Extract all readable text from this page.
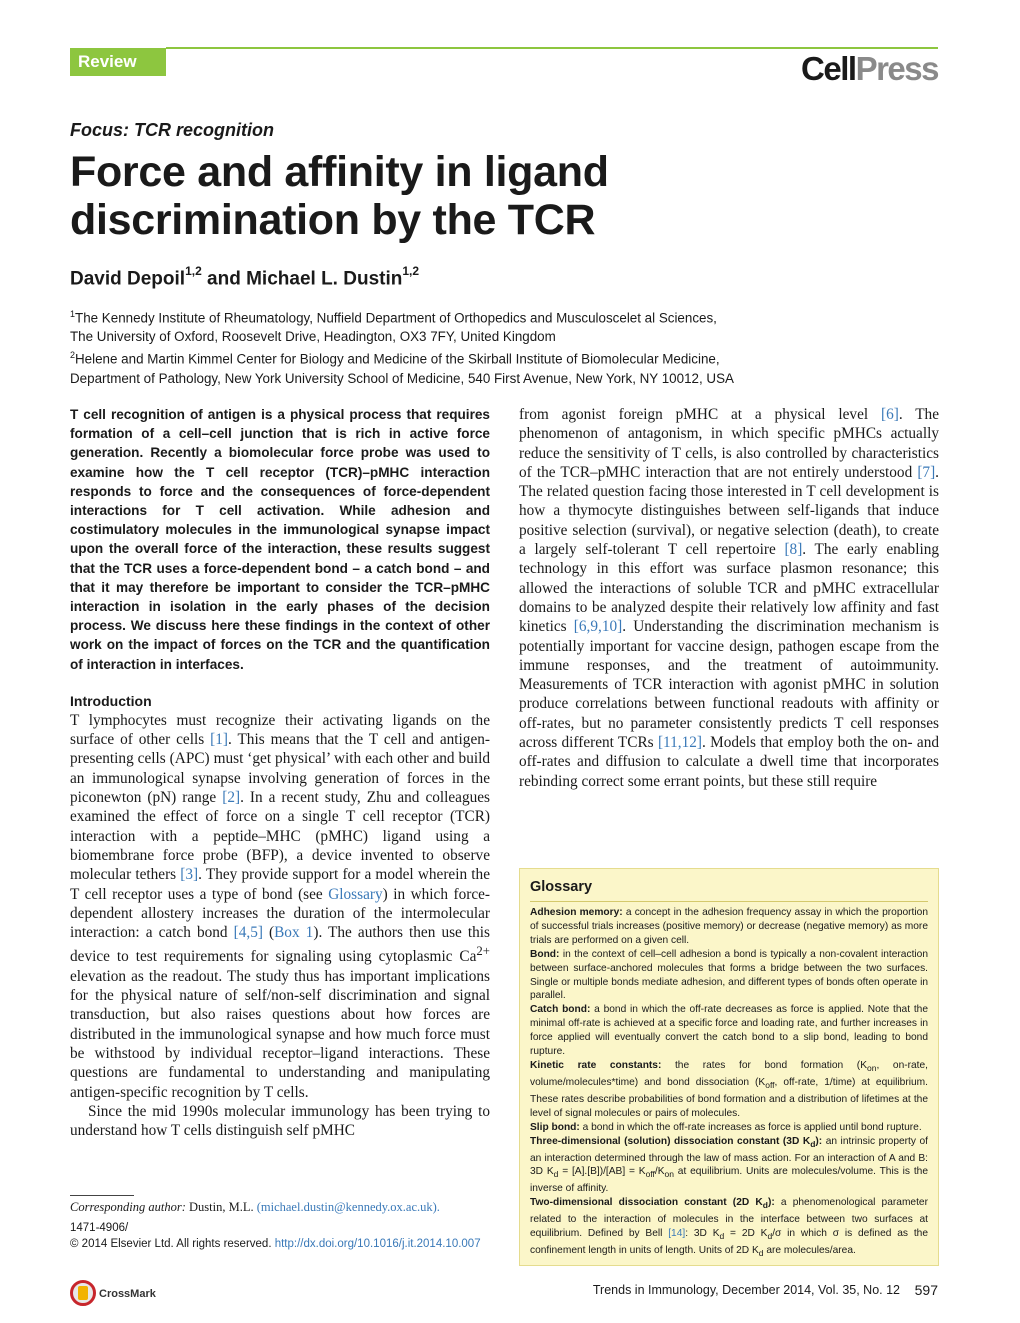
Review	CellPress
Focus: TCR recognition
Force and affinity in ligand
discrimination by the TCR
David Depoil$^{1,2}$ and Michael L. Dustin$^{1,2}$
$^1$The Kennedy Institute of Rheumatology, Nuffield Department of Orthopedics and Musculoscelet al Sciences,
The University of Oxford, Roosevelt Drive, Headington, OX3 7FY, United Kingdom
$^2$Helene and Martin Kimmel Center for Biology and Medicine of the Skirball Institute of Biomolecular Medicine,
Department of Pathology, New York University School of Medicine, 540 First Avenue, New York, NY 10012, USA

T cell recognition of antigen is a physical process that requires formation of a cell–cell junction that is rich in active force generation. Recently a biomolecular force probe was used to examine how the T cell receptor (TCR)–pMHC interaction responds to force and the consequences of force-dependent interactions for T cell activation. While adhesion and costimulatory molecules in the immunological synapse impact upon the overall force of the interaction, these results suggest that the TCR uses a force-dependent bond – a catch bond – and that it may therefore be important to consider the TCR–pMHC interaction in isolation in the early phases of the decision process. We discuss here these findings in the context of other work on the impact of forces on the TCR and the quantification of interaction in interfaces.

Introduction

T lymphocytes must recognize their activating ligands on the surface of other cells [1]. This means that the T cell and antigen-presenting cells (APC) must ‘get physical’ with each other and build an immunological synapse involving generation of forces in the piconewton (pN) range [2]. In a recent study, Zhu and colleagues examined the effect of force on a single T cell receptor (TCR) interaction with a peptide–MHC (pMHC) ligand using a biomembrane force probe (BFP), a device invented to observe molecular tethers [3]. They provide support for a model wherein the T cell receptor uses a type of bond (see Glossary) in which force-dependent allostery increases the duration of the intermolecular interaction: a catch bond [4,5] (Box 1). The authors then use this device to test requirements for signaling using cytoplasmic $Ca^{2+}$ elevation as the readout. The study thus has important implications for the physical nature of self/non-self discrimination and signal transduction, but also raises questions about how forces are distributed in the immunological synapse and how much force must be withstood by individual receptor–ligand interactions. These questions are fundamental to understanding and manipulating antigen-specific recognition by T cells.

Since the mid 1990s molecular immunology has been trying to understand how T cells distinguish self pMHC

from agonist foreign pMHC at a physical level [6]. The phenomenon of antagonism, in which specific pMHCs actually reduce the sensitivity of T cells, is also controlled by characteristics of the TCR–pMHC interaction that are not entirely understood [7]. The related question facing those interested in T cell development is how a thymocyte distinguishes between self-ligands that induce positive selection (survival), or negative selection (death), to create a largely self-tolerant T cell repertoire [8]. The early enabling technology in this effort was surface plasmon resonance; this allowed the interactions of soluble TCR and pMHC extracellular domains to be analyzed despite their relatively low affinity and fast kinetics [6,9,10]. Understanding the discrimination mechanism is potentially important for vaccine design, pathogen escape from the immune responses, and the treatment of autoimmunity. Measurements of TCR interaction with agonist pMHC in solution produce correlations between functional readouts with affinity or off-rates, but no parameter consistently predicts T cell responses across different TCRs [11,12]. Models that employ both the on- and off-rates and diffusion to calculate a dwell time that incorporates rebinding correct some errant points, but these still require

Glossary

Adhesion memory: a concept in the adhesion frequency assay in which the proportion of successful trials increases (positive memory) or decrease (negative memory) as more trials are performed on a given cell.

Bond: in the context of cell–cell adhesion a bond is typically a non-covalent interaction between surface-anchored molecules that forms a bridge between the two surfaces. Single or multiple bonds mediate adhesion, and different types of bonds often operate in parallel.

Catch bond: a bond in which the off-rate decreases as force is applied. Note that the minimal off-rate is achieved at a specific force and loading rate, and further increases in force applied will eventually convert the catch bond to a slip bond, leading to bond rupture.

Kinetic rate constants: the rates for bond formation ($K_{on}$, on-rate, volume/molecules*time) and bond dissociation ($K_{off}$, off-rate, 1/time) at equilibrium. These rates describe probabilities of bond formation and a distribution of lifetimes at the level of signal molecules or pairs of molecules.

Slip bond: a bond in which the off-rate increases as force is applied until bond rupture.

Three-dimensional (solution) dissociation constant (3D $K_d$): an intrinsic property of an interaction determined through the law of mass action. For an interaction of A and B: 3D $K_d = [A].[B])/[AB] = K_{off}/K_{on}$ at equilibrium. Units are molecules/volume. This is the inverse of affinity.

Two-dimensional dissociation constant (2D $K_d$): a phenomenological parameter related to the interaction of molecules in the interface between two surfaces at equilibrium. Defined by Bell [14]: 3D $K_d = 2D$ $K_d/\sigma$ in which σ is defined as the confinement length in units of length. Units of 2D $K_d$ are molecules/area.

Corresponding author: Dustin, M.L. (michael.dustin@kennedy.ox.ac.uk).
1471-4906/
© 2014 Elsevier Ltd. All rights reserved. http://dx.doi.org/10.1016/j.it.2014.10.007
CrossMark	Trends in Immunology, December 2014, Vol. 35, No. 12 597
